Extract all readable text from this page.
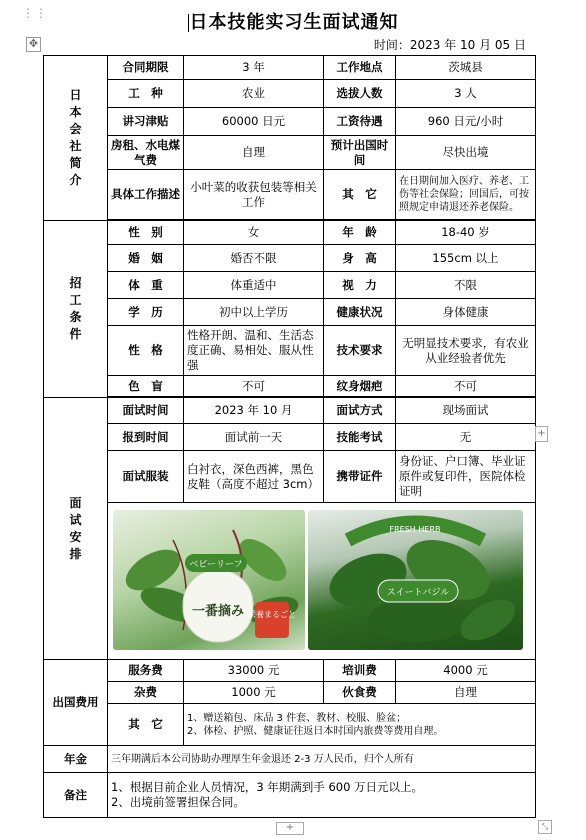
⋮⋮
✥
日本技能实习生面试通知
时间：2023 年 10 月 05 日
日本会社简介	合同期限	3 年	工作地点	茨城县
	工　种	农业	选拔人数	3 人
	讲习津贴	60000 日元	工资待遇	960 日元/小时
	房租、水电煤气费	自理	预计出国时间	尽快出境
	具体工作描述	小叶菜的收获包装等相关工作	其　它	在日期间加入医疗、养老、工伤等社会保险；回国后，可按照规定申请退还养老保险。

招工条件	性　别	女	年　龄	18-40 岁
	婚　姻	婚否不限	身　高	155cm 以上
	体　重	体重适中	视　力	不限
	学　历	初中以上学历	健康状况	身体健康
	性　格	性格开朗、温和、生活态度正确、易相处、服从性强	技术要求	无明显技术要求，有农业从业经验者优先
	色　盲	不可	纹身烟疤	不可

面试安排	面试时间	2023 年 10 月	面试方式	现场面试
	报到时间	面试前一天	技能考试	无
	面试服装	白衬衣，深色西裤，黑色皮鞋（高度不超过 3cm）	携带证件	身份证、户口簿、毕业证原件或复印件，医院体检证明

ベビーリーフ
一番摘み 栄養まるごと
FRESH HERB
スイートバジル			

出国费用	服务费	33000 元	培训费	4000 元
	杂费	1000 元	伙食费	自理
	其　它	1、赠送箱包、床品 3 件套、教材、校服、脸盆；
2、体检、护照、健康证往返日本时国内旅费等费用自理。		

年金	三年期满后本公司协助办理厚生年金退还 2-3 万人民币，归个人所有			
备注	1、根据目前企业人员情况，3 年期满到手 600 万日元以上。
2、出境前签署担保合同。			
+
+	⤡
